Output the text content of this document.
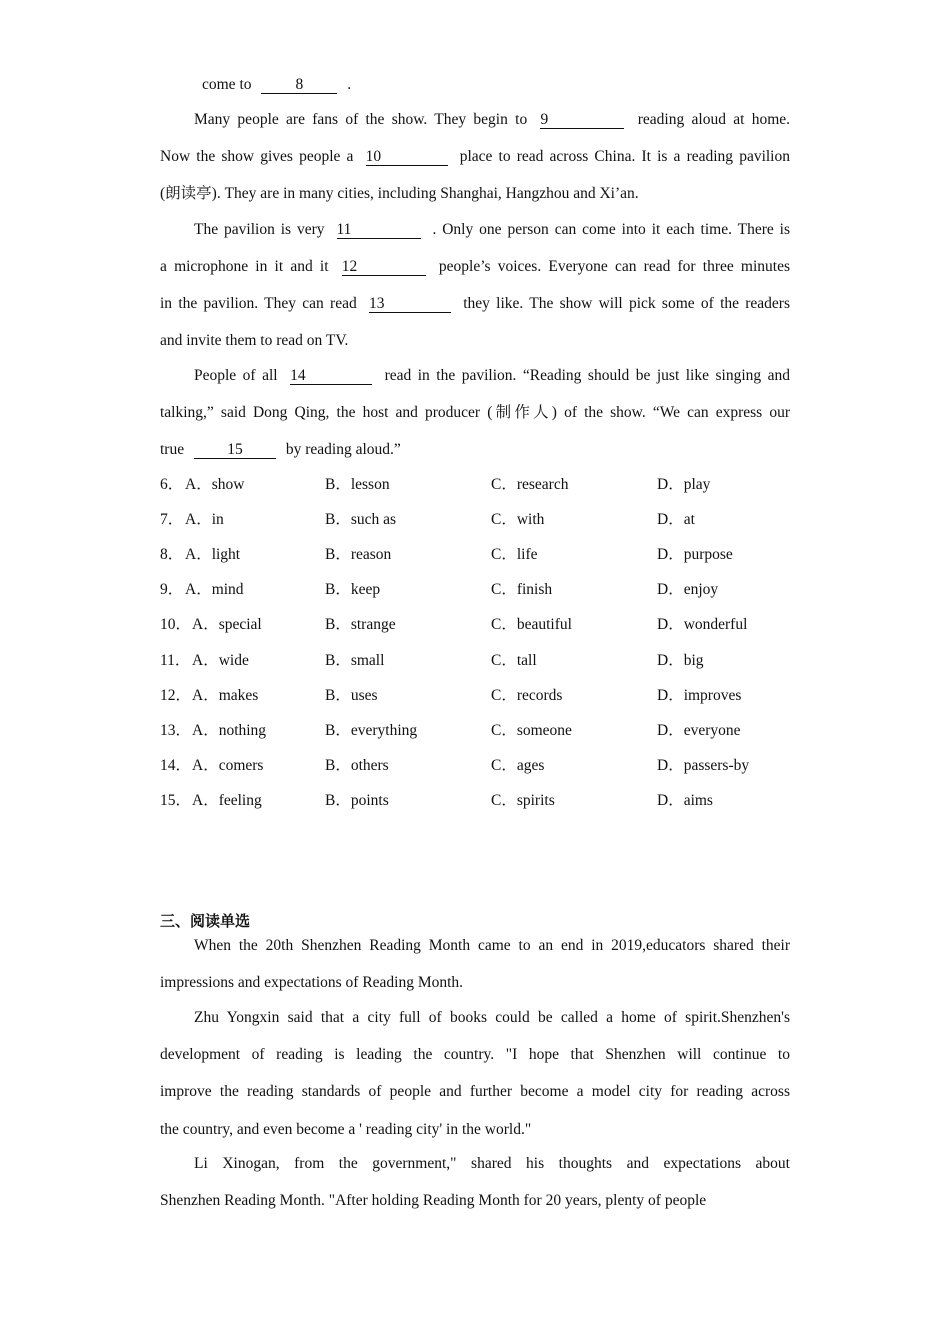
come to	8	.
Many people are fans of the show. They begin to 9	reading aloud at home.
Now the show gives people a 10	place to read across China. It is a reading pavilion
(朗读亭). They are in many cities, including Shanghai, Hangzhou and Xi’an.
The pavilion is very 11	. Only one person can come into it each time. There is
a microphone in it and it 12	people’s voices. Everyone can read for three minutes
in the pavilion. They can read 13	they like. The show will pick some of the readers
and invite them to read on TV.
People of all 14	read in the pavilion. “Reading should be just like singing and
talking,” said Dong Qing, the host and producer (制作人) of the show. “We can express our
true	15	by reading aloud.”
When the 20th Shenzhen Reading Month came to an end in 2019,educators shared their
impressions and expectations of Reading Month.
Zhu Yongxin said that a city full of books could be called a home of spirit.Shenzhen's
development of reading is leading the country. "I hope that Shenzhen will continue to
improve the reading standards of people and further become a model city for reading across
the country, and even become a ' reading city' in the world."
Li Xinogan, from the government," shared his thoughts and expectations about
Shenzhen Reading Month. "After holding Reading Month for 20 years, plenty of people
6． A．show	B．lesson	C．research	D．play
7． A．in	B．such as	C．with	D．at
8． A．light	B．reason	C．life	D．purpose
9． A．mind	B．keep	C．finish	D．enjoy
10． A．special	B．strange	C．beautiful	D．wonderful
11． A．wide	B．small	C．tall	D．big
12． A．makes	B．uses	C．records	D．improves
13． A．nothing	B．everything	C．someone	D．everyone
14． A．comers	B．others	C．ages	D．passers-by
15． A．feeling	B．points	C．spirits	D．aims
三、阅读单选
